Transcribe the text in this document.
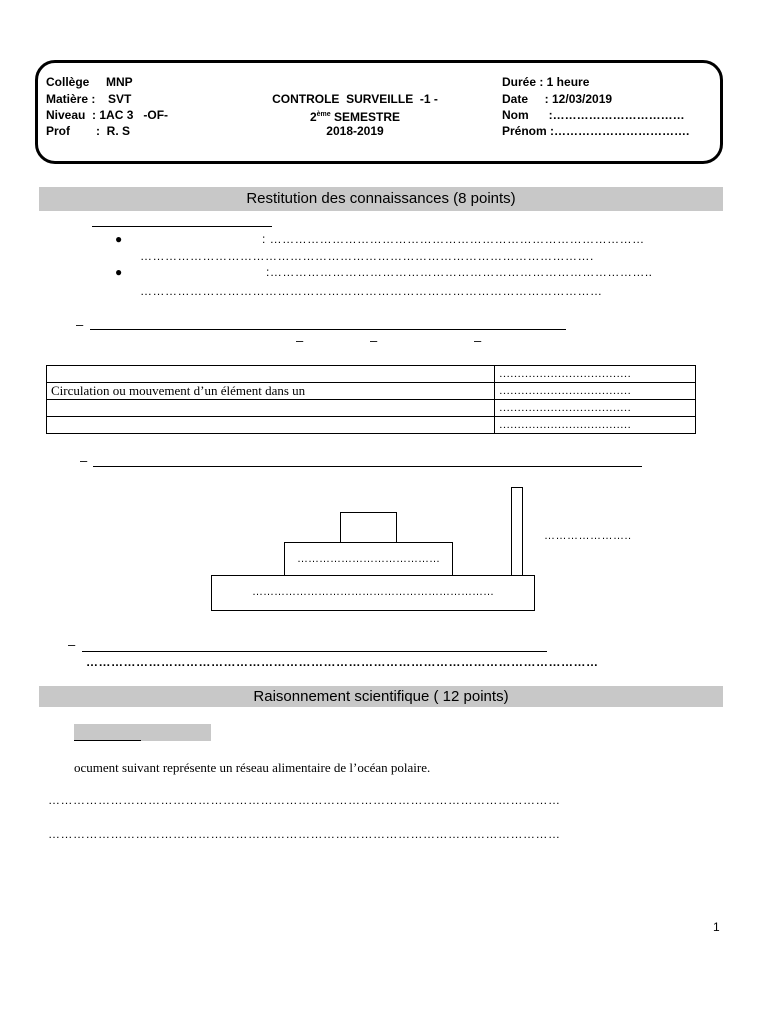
Collège MNP
Matière : SVT
Niveau  : 1AC 3   -OF-
Prof :  R. S
CONTROLE  SURVEILLE  -1 -
2ème SEMESTRE
2018-2019
Durée : 1 heure
Date     : 12/03/2019
Nom      :……………………………
Prénom :…………………………….
Restitution des connaissances (8 points)
●	: ………………………………………………………………………………
……………………………………………………………………………………………….
●	:………………………………………………………………………………..
…………………………………………………………………………………………………
–
–	–	–
	………………………………
Circulation ou mouvement d’un élément dans un	………………………………
	………………………………
	………………………………
–
…………………………………
…………………………………………………………
…………………..
–
……………………………………………………………………………………………………………
Raisonnement scientifique ( 12 points)
ocument suivant représente un réseau alimentaire de l’océan polaire.
……………………………………………………………………………………………………………
……………………………………………………………………………………………………………
1
